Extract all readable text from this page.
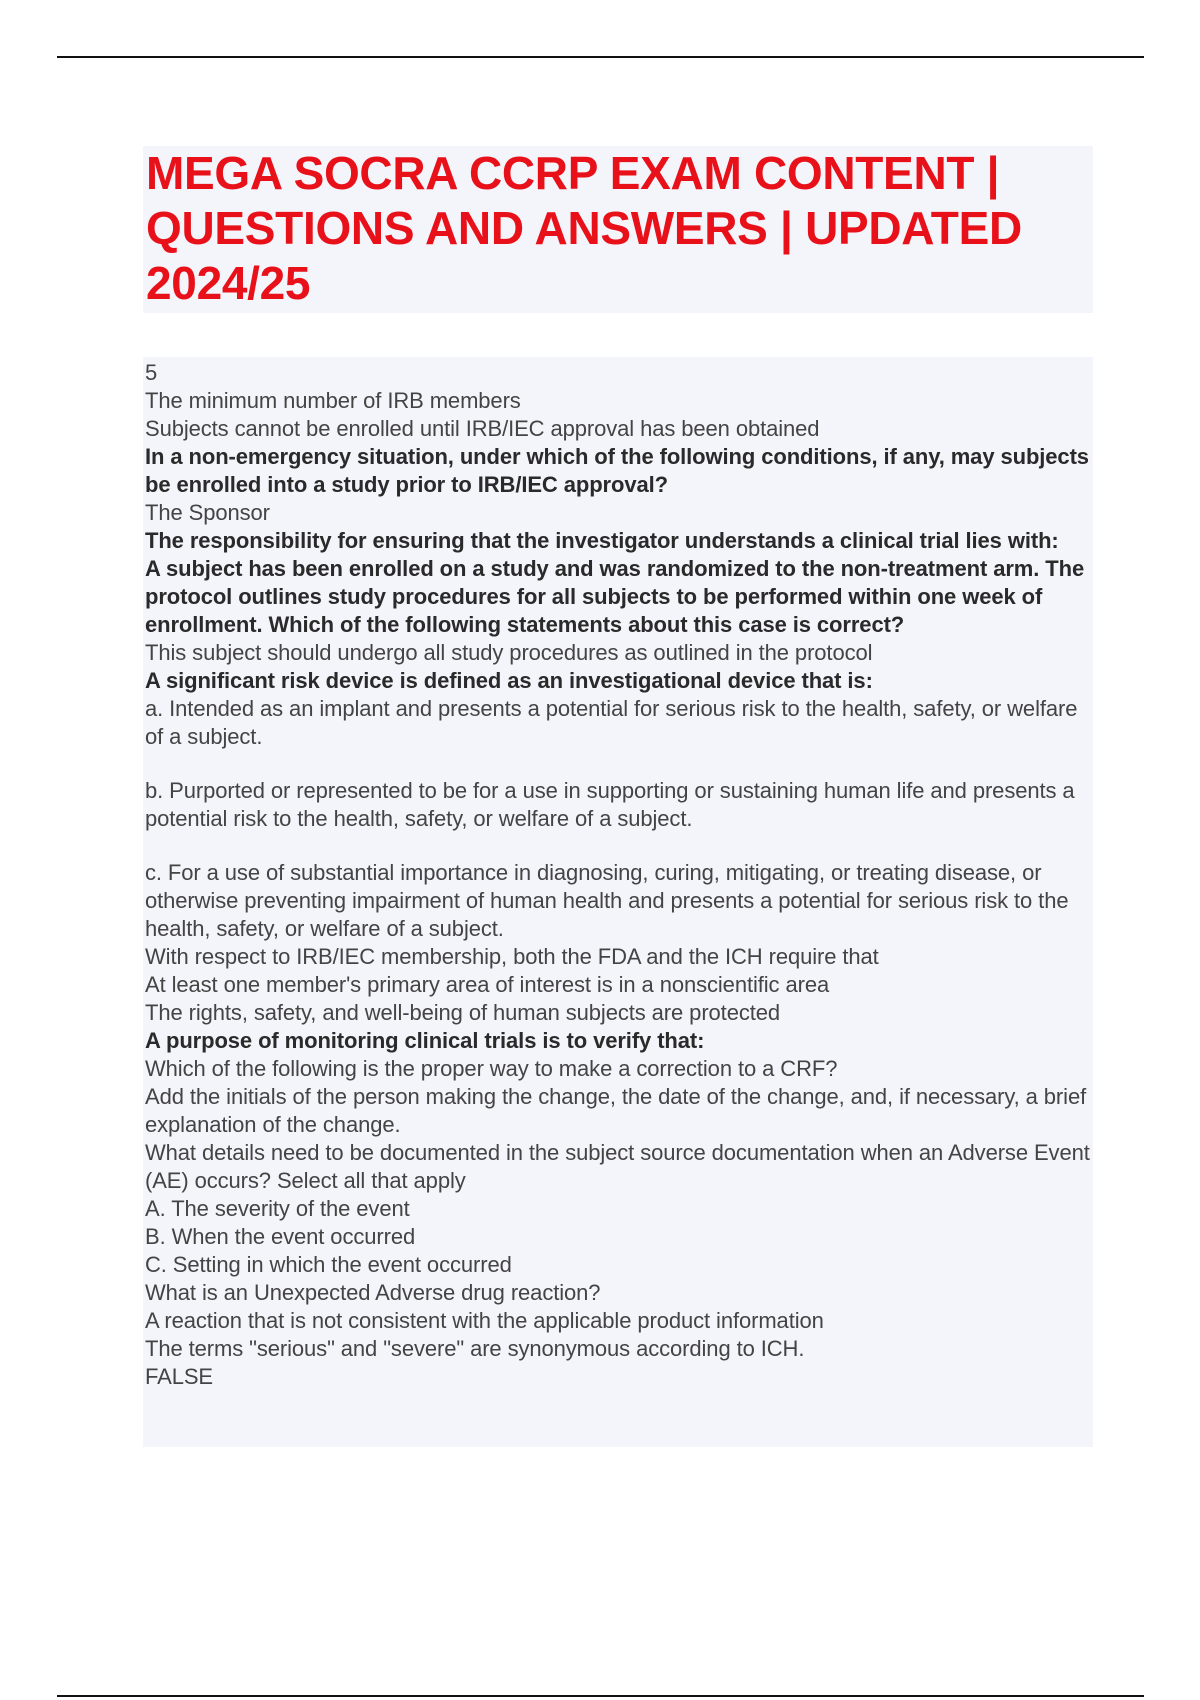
MEGA SOCRA CCRP EXAM CONTENT | QUESTIONS AND ANSWERS | UPDATED 2024/25

5

The minimum number of IRB members

Subjects cannot be enrolled until IRB/IEC approval has been obtained

In a non-emergency situation, under which of the following conditions, if any, may subjects be enrolled into a study prior to IRB/IEC approval?

The Sponsor

The responsibility for ensuring that the investigator understands a clinical trial lies with:

A subject has been enrolled on a study and was randomized to the non-treatment arm. The protocol outlines study procedures for all subjects to be performed within one week of enrollment. Which of the following statements about this case is correct?

This subject should undergo all study procedures as outlined in the protocol

A significant risk device is defined as an investigational device that is:

a. Intended as an implant and presents a potential for serious risk to the health, safety, or welfare of a subject.

b. Purported or represented to be for a use in supporting or sustaining human life and presents a potential risk to the health, safety, or welfare of a subject.

c. For a use of substantial importance in diagnosing, curing, mitigating, or treating disease, or otherwise preventing impairment of human health and presents a potential for serious risk to the health, safety, or welfare of a subject.

With respect to IRB/IEC membership, both the FDA and the ICH require that

At least one member's primary area of interest is in a nonscientific area

The rights, safety, and well-being of human subjects are protected

A purpose of monitoring clinical trials is to verify that:

Which of the following is the proper way to make a correction to a CRF?

Add the initials of the person making the change, the date of the change, and, if necessary, a brief explanation of the change.

What details need to be documented in the subject source documentation when an Adverse Event (AE) occurs? Select all that apply

A. The severity of the event

B. When the event occurred

C. Setting in which the event occurred

What is an Unexpected Adverse drug reaction?

A reaction that is not consistent with the applicable product information

The terms "serious" and "severe" are synonymous according to ICH.

FALSE
